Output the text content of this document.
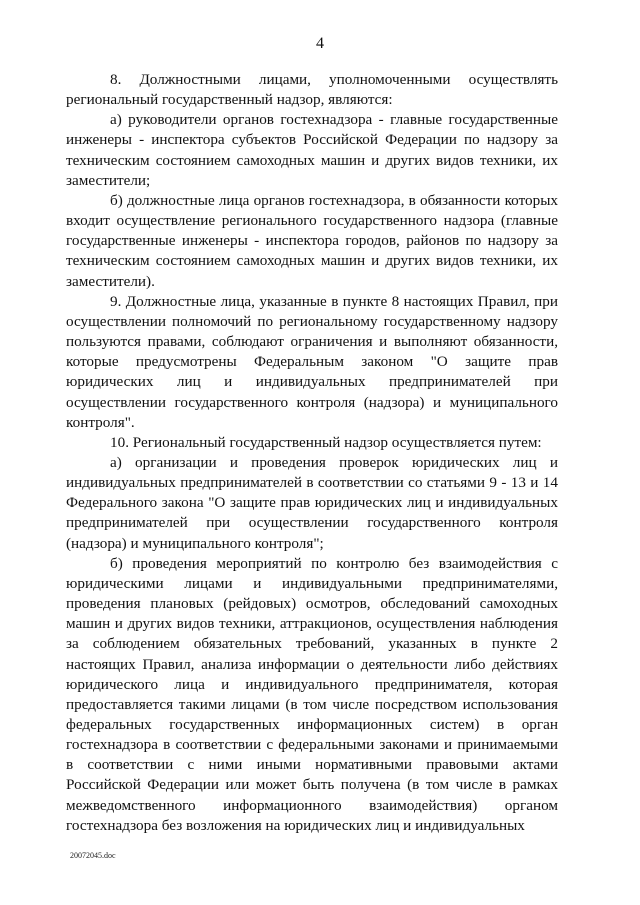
4

8. Должностными лицами, уполномоченными осуществлять региональный государственный надзор, являются:

а) руководители органов гостехнадзора - главные государственные инженеры - инспектора субъектов Российской Федерации по надзору за техническим состоянием самоходных машин и других видов техники, их заместители;

б) должностные лица органов гостехнадзора, в обязанности которых входит осуществление регионального государственного надзора (главные государственные инженеры - инспектора городов, районов по надзору за техническим состоянием самоходных машин и других видов техники, их заместители).

9. Должностные лица, указанные в пункте 8 настоящих Правил, при осуществлении полномочий по региональному государственному надзору пользуются правами, соблюдают ограничения и выполняют обязанности, которые предусмотрены Федеральным законом "О защите прав юридических лиц и индивидуальных предпринимателей при осуществлении государственного контроля (надзора) и муниципального контроля".

10. Региональный государственный надзор осуществляется путем:

а) организации и проведения проверок юридических лиц и индивидуальных предпринимателей в соответствии со статьями 9 - 13 и 14 Федерального закона "О защите прав юридических лиц и индивидуальных предпринимателей при осуществлении государственного контроля (надзора) и муниципального контроля";

б) проведения мероприятий по контролю без взаимодействия с юридическими лицами и индивидуальными предпринимателями, проведения плановых (рейдовых) осмотров, обследований самоходных машин и других видов техники, аттракционов, осуществления наблюдения за соблюдением обязательных требований, указанных в пункте 2 настоящих Правил, анализа информации о деятельности либо действиях юридического лица и индивидуального предпринимателя, которая предоставляется такими лицами (в том числе посредством использования федеральных государственных информационных систем) в орган гостехнадзора в соответствии с федеральными законами и принимаемыми в соответствии с ними иными нормативными правовыми актами Российской Федерации или может быть получена (в том числе в рамках межведомственного информационного взаимодействия) органом гостехнадзора без возложения на юридических лиц и индивидуальных

20072045.doc
